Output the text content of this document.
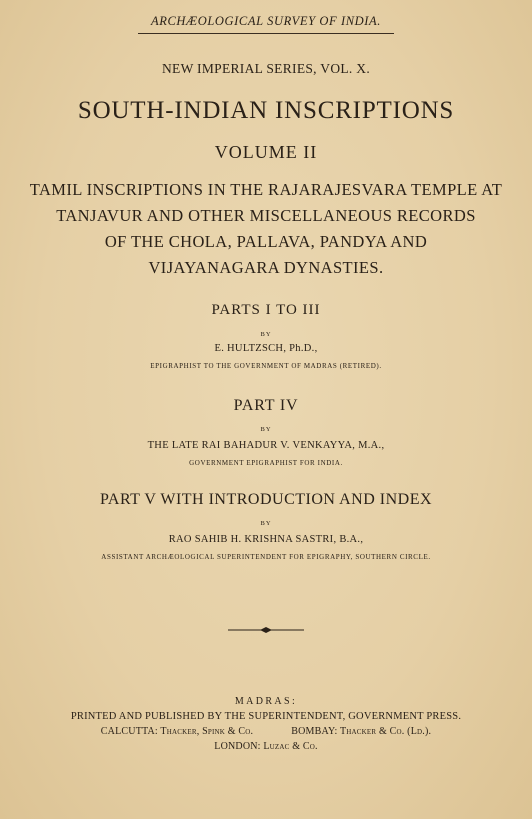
ARCHÆOLOGICAL SURVEY OF INDIA.
NEW IMPERIAL SERIES, VOL. X.
SOUTH-INDIAN INSCRIPTIONS
VOLUME II
TAMIL INSCRIPTIONS IN THE RAJARAJESVARA TEMPLE AT
TANJAVUR AND OTHER MISCELLANEOUS RECORDS
OF THE CHOLA, PALLAVA, PANDYA AND
VIJAYANAGARA DYNASTIES.
PARTS I TO III
BY
E. HULTZSCH, Ph.D.,
EPIGRAPHIST TO THE GOVERNMENT OF MADRAS (RETIRED).
PART IV
BY
THE LATE RAI BAHADUR V. VENKAYYA, M.A.,
GOVERNMENT EPIGRAPHIST FOR INDIA.
PART V WITH INTRODUCTION AND INDEX
BY
RAO SAHIB H. KRISHNA SASTRI, B.A.,
ASSISTANT ARCHÆOLOGICAL SUPERINTENDENT FOR EPIGRAPHY, SOUTHERN CIRCLE.
MADRAS:
PRINTED AND PUBLISHED BY THE SUPERINTENDENT, GOVERNMENT PRESS.
CALCUTTA: Thacker, Spink & Co.	BOMBAY: Thacker & Co. (Ld.).
LONDON: Luzac & Co.
